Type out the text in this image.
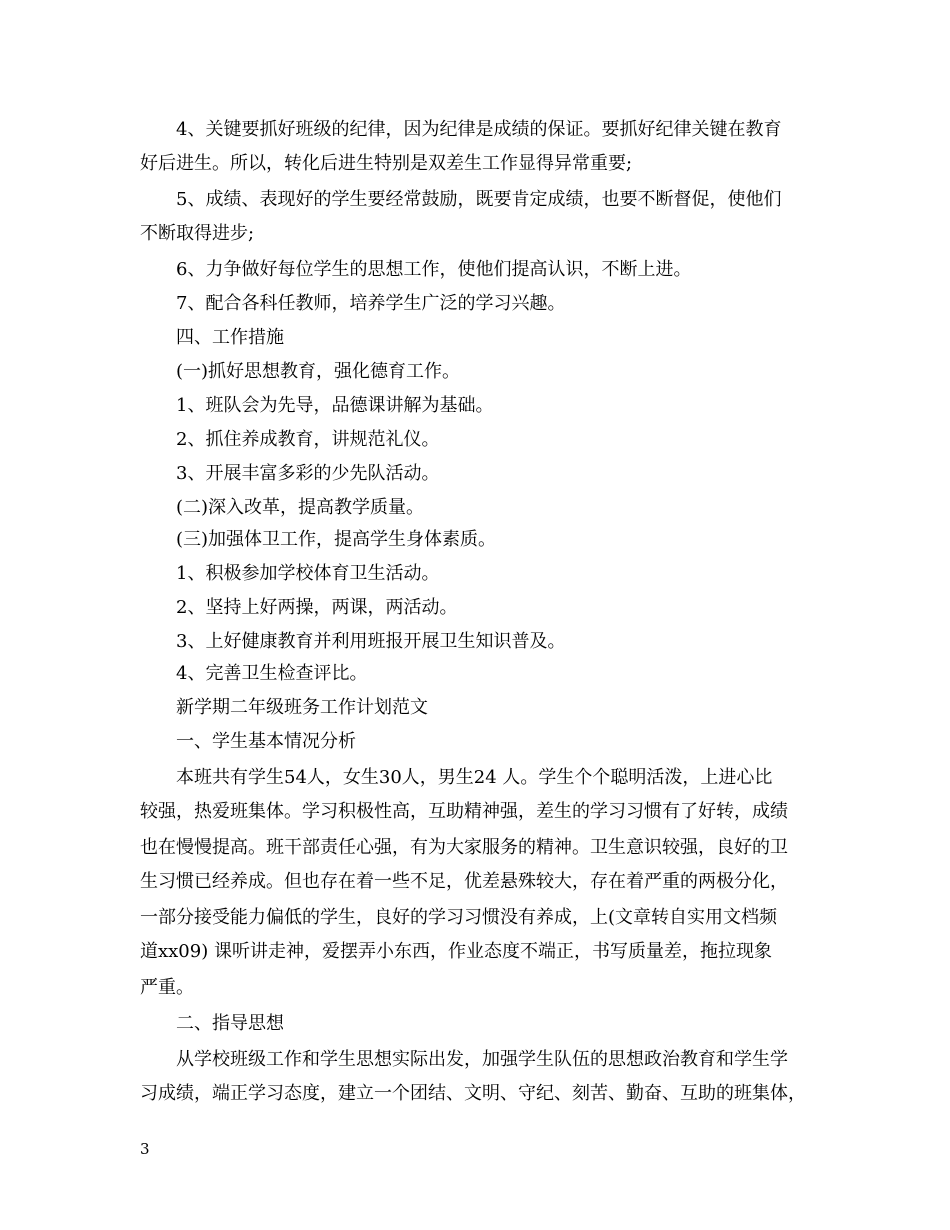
4、关键要抓好班级的纪律，因为纪律是成绩的保证。要抓好纪律关键在教育
好后进生。所以，转化后进生特别是双差生工作显得异常重要;
5、成绩、表现好的学生要经常鼓励，既要肯定成绩，也要不断督促，使他们
不断取得进步;
6、力争做好每位学生的思想工作，使他们提高认识，不断上进。
7、配合各科任教师，培养学生广泛的学习兴趣。
四、工作措施
(一)抓好思想教育，强化德育工作。
1、班队会为先导，品德课讲解为基础。
2、抓住养成教育，讲规范礼仪。
3、开展丰富多彩的少先队活动。
(二)深入改革，提高教学质量。
(三)加强体卫工作，提高学生身体素质。
1、积极参加学校体育卫生活动。
2、坚持上好两操，两课，两活动。
3、上好健康教育并利用班报开展卫生知识普及。
4、完善卫生检查评比。
新学期二年级班务工作计划范文
一、学生基本情况分析
本班共有学生54人，女生30人，男生24 人。学生个个聪明活泼，上进心比
较强，热爱班集体。学习积极性高，互助精神强，差生的学习习惯有了好转，成绩
也在慢慢提高。班干部责任心强，有为大家服务的精神。卫生意识较强，良好的卫
生习惯已经养成。但也存在着一些不足，优差悬殊较大，存在着严重的两极分化，
一部分接受能力偏低的学生，良好的学习习惯没有养成，上(文章转自实用文档频
道xx09) 课听讲走神，爱摆弄小东西，作业态度不端正，书写质量差，拖拉现象
严重。
二、指导思想
从学校班级工作和学生思想实际出发，加强学生队伍的思想政治教育和学生学
习成绩，端正学习态度，建立一个团结、文明、守纪、刻苦、勤奋、互助的班集体，
3
